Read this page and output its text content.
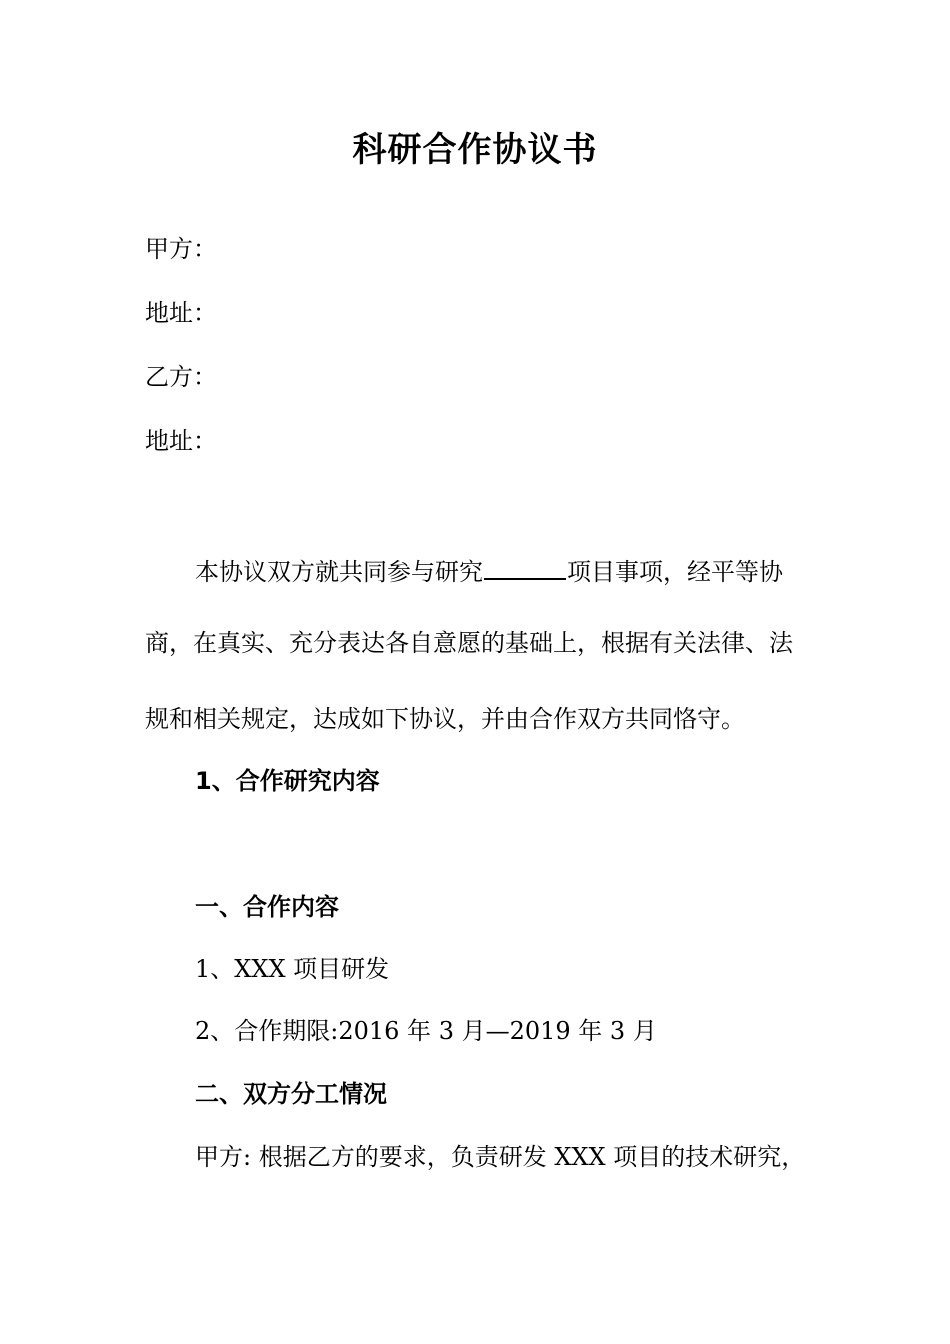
科研合作协议书

甲方：

地址：

乙方：

地址：

本协议双方就共同参与研究	项目事项，经平等协

商，在真实、充分表达各自意愿的基础上，根据有关法律、法

规和相关规定，达成如下协议，并由合作双方共同恪守。

1、合作研究内容

一、合作内容

1、XXX 项目研发

2、合作期限:2016 年 3 月—2019 年 3 月

二、双方分工情况

甲方: 根据乙方的要求，负责研发 XXX 项目的技术研究，
